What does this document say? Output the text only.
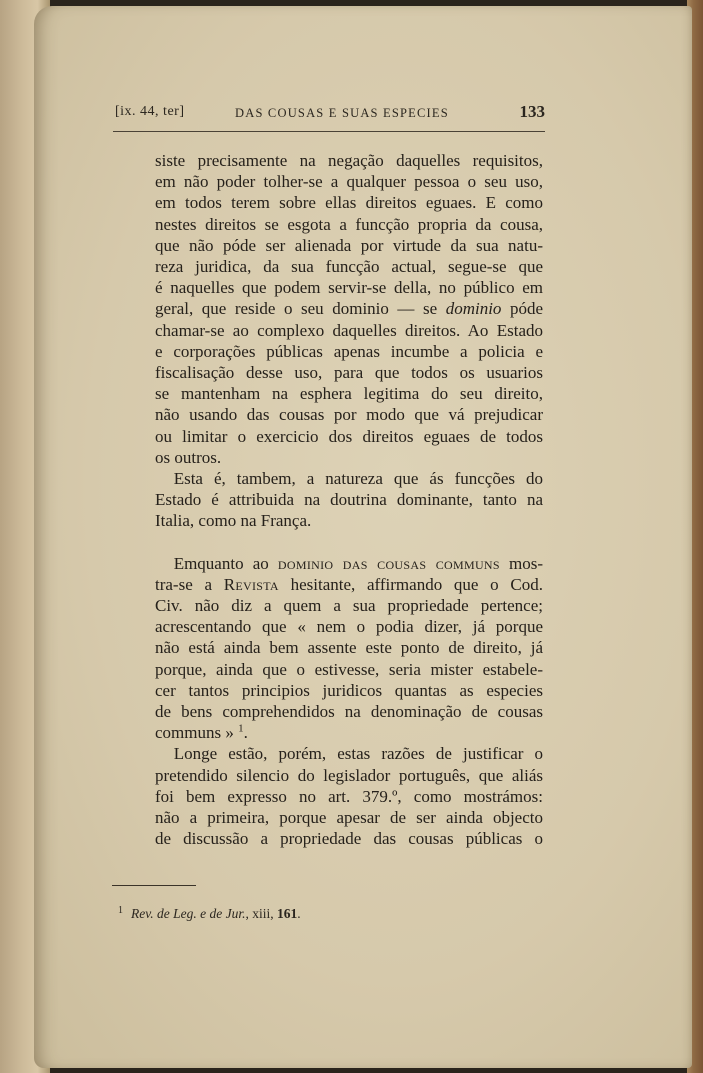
[ix. 44, ter]	DAS COUSAS E SUAS ESPECIES	133
siste precisamente na negação daquelles requisitos,
em não poder tolher-se a qualquer pessoa o seu uso,
em todos terem sobre ellas direitos eguaes. E como
nestes direitos se esgota a funcção propria da cousa,
que não póde ser alienada por virtude da sua natu-
reza juridica, da sua funcção actual, segue-se que
é naquelles que podem servir-se della, no público em
geral, que reside o seu dominio — se dominio póde
chamar-se ao complexo daquelles direitos. Ao Estado
e corporações públicas apenas incumbe a policia e
fiscalisação desse uso, para que todos os usuarios
se mantenham na esphera legitima do seu direito,
não usando das cousas por modo que vá prejudicar
ou limitar o exercicio dos direitos eguaes de todos
os outros.
Esta é, tambem, a natureza que ás funcções do
Estado é attribuida na doutrina dominante, tanto na
Italia, como na França.
Emquanto ao dominio das cousas communs mos-
tra-se a Revista hesitante, affirmando que o Cod.
Civ. não diz a quem a sua propriedade pertence;
acrescentando que « nem o podia dizer, já porque
não está ainda bem assente este ponto de direito, já
porque, ainda que o estivesse, seria mister estabele-
cer tantos principios juridicos quantas as especies
de bens comprehendidos na denominação de cousas
communs » $^1$.
Longe estão, porém, estas razões de justificar o
pretendido silencio do legislador português, que aliás
foi bem expresso no art. 379.º, como mostrámos:
não a primeira, porque apesar de ser ainda objecto
de discussão a propriedade das cousas públicas o
$^1$ Rev. de Leg. e de Jur., xiii, 161.
